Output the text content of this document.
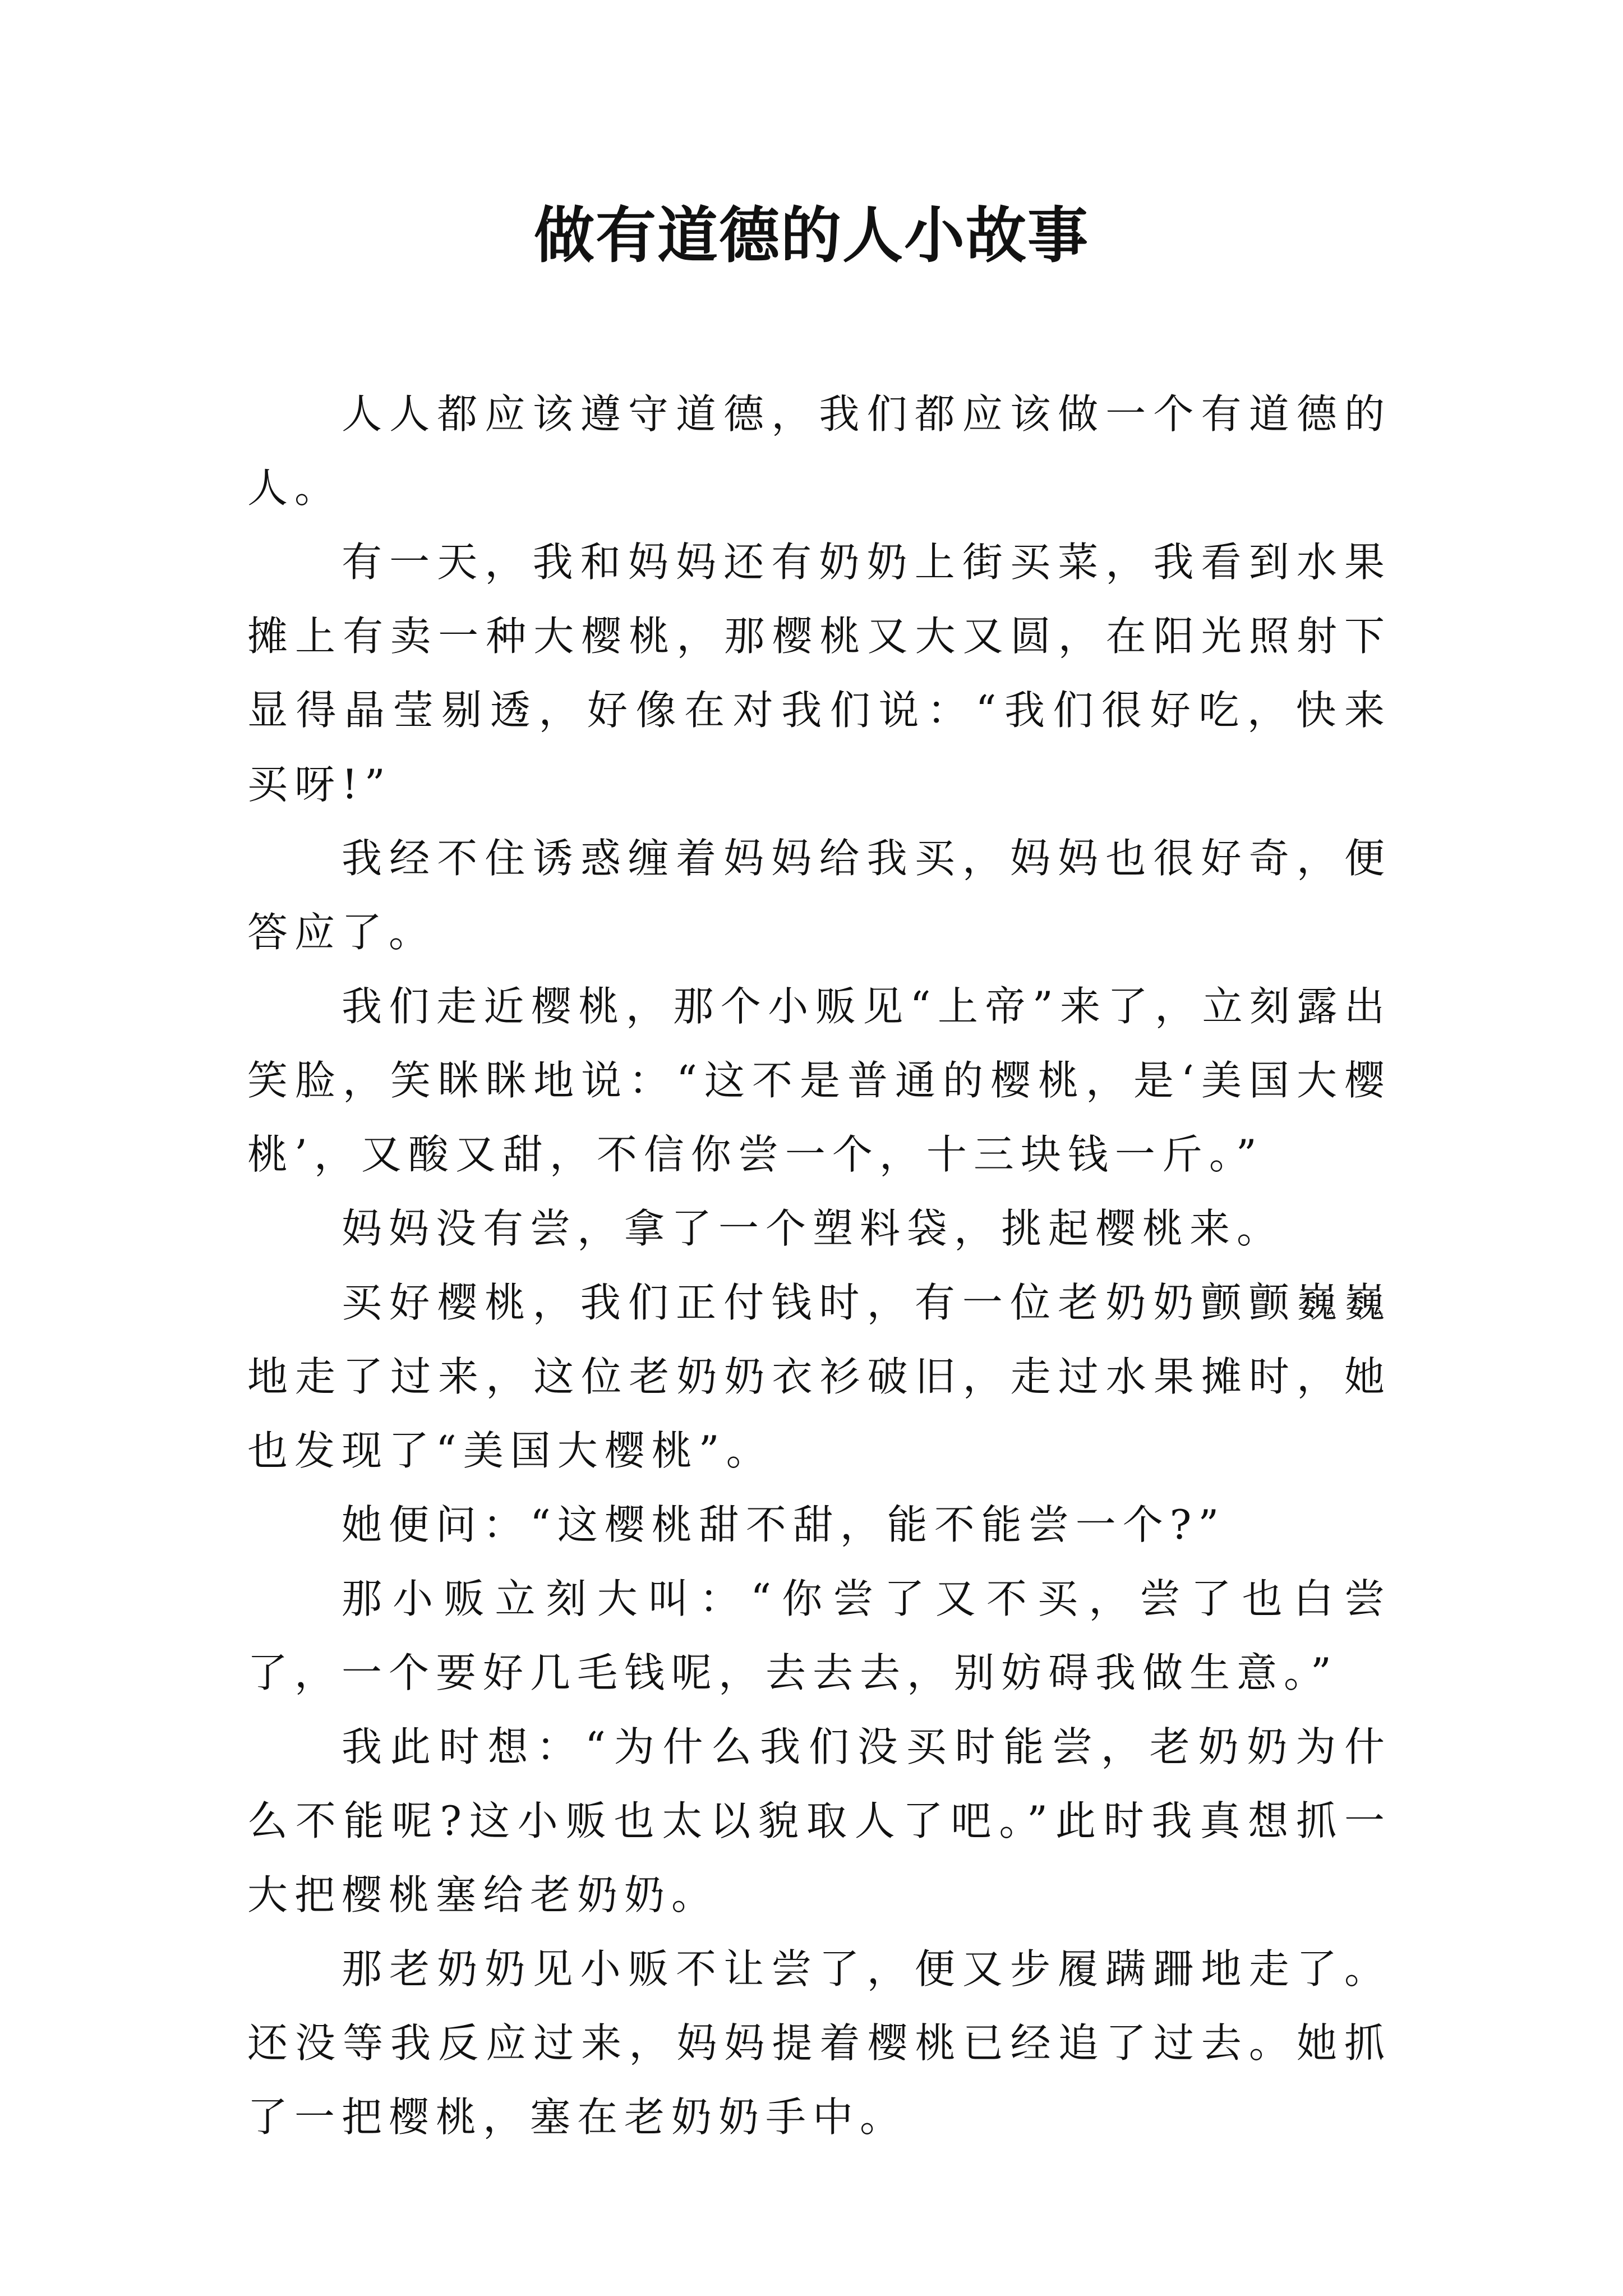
做有道德的人小故事

人人都应该遵守道德，我们都应该做一个有道德的人。

有一天，我和妈妈还有奶奶上街买菜，我看到水果摊上有卖一种大樱桃，那樱桃又大又圆，在阳光照射下显得晶莹剔透，好像在对我们说：“我们很好吃，快来买呀!”

我经不住诱惑缠着妈妈给我买，妈妈也很好奇，便答应了。

我们走近樱桃，那个小贩见“上帝”来了，立刻露出笑脸，笑眯眯地说：“这不是普通的樱桃，是‘美国大樱桃’，又酸又甜，不信你尝一个，十三块钱一斤。”

妈妈没有尝，拿了一个塑料袋，挑起樱桃来。

买好樱桃，我们正付钱时，有一位老奶奶颤颤巍巍地走了过来，这位老奶奶衣衫破旧，走过水果摊时，她也发现了“美国大樱桃”。

她便问：“这樱桃甜不甜，能不能尝一个?”

那小贩立刻大叫：“你尝了又不买，尝了也白尝了，一个要好几毛钱呢，去去去，别妨碍我做生意。”

我此时想：“为什么我们没买时能尝，老奶奶为什么不能呢?这小贩也太以貌取人了吧。”此时我真想抓一大把樱桃塞给老奶奶。

那老奶奶见小贩不让尝了，便又步履蹒跚地走了。还没等我反应过来，妈妈提着樱桃已经追了过去。她抓了一把樱桃，塞在老奶奶手中。
